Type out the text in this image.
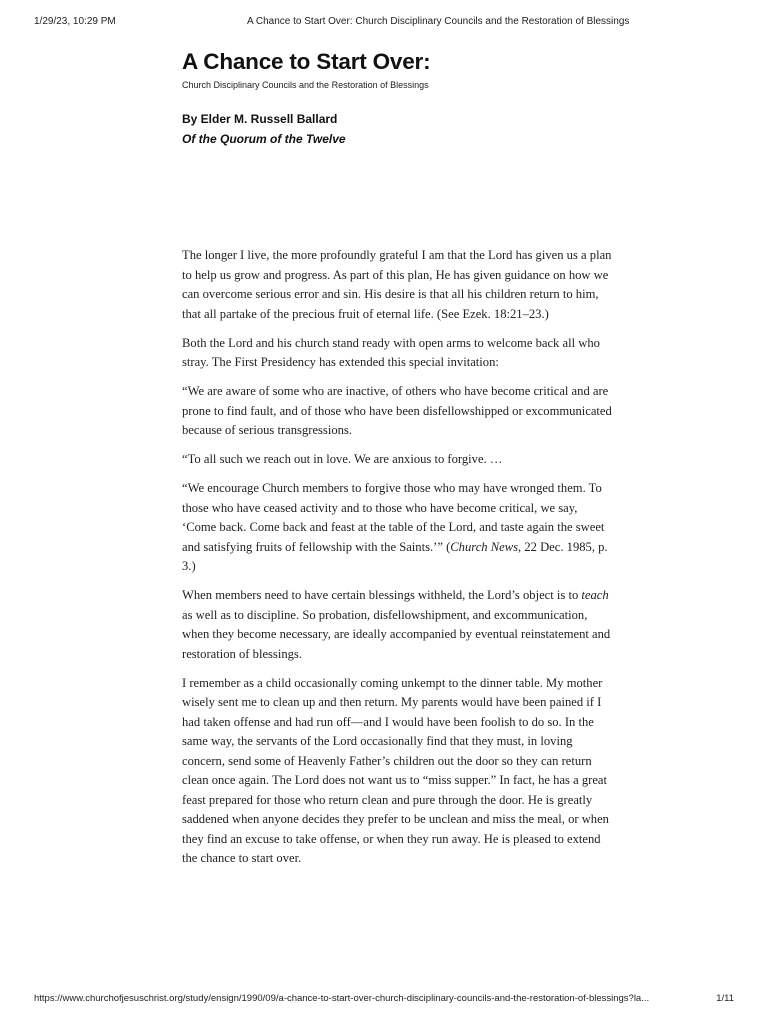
1/29/23, 10:29 PM	A Chance to Start Over: Church Disciplinary Councils and the Restoration of Blessings
A Chance to Start Over:

Church Disciplinary Councils and the Restoration of Blessings

By Elder M. Russell Ballard

Of the Quorum of the Twelve

The longer I live, the more profoundly grateful I am that the Lord has given us a plan to help us grow and progress. As part of this plan, He has given guidance on how we can overcome serious error and sin. His desire is that all his children return to him, that all partake of the precious fruit of eternal life. (See Ezek. 18:21–23.)

Both the Lord and his church stand ready with open arms to welcome back all who stray. The First Presidency has extended this special invitation:

“We are aware of some who are inactive, of others who have become critical and are prone to find fault, and of those who have been disfellowshipped or excommunicated because of serious transgressions.

“To all such we reach out in love. We are anxious to forgive. …

“We encourage Church members to forgive those who may have wronged them. To those who have ceased activity and to those who have become critical, we say, ‘Come back. Come back and feast at the table of the Lord, and taste again the sweet and satisfying fruits of fellowship with the Saints.’” (Church News, 22 Dec. 1985, p. 3.)

When members need to have certain blessings withheld, the Lord’s object is to teach as well as to discipline. So probation, disfellowshipment, and excommunication, when they become necessary, are ideally accompanied by eventual reinstatement and restoration of blessings.

I remember as a child occasionally coming unkempt to the dinner table. My mother wisely sent me to clean up and then return. My parents would have been pained if I had taken offense and had run off—and I would have been foolish to do so. In the same way, the servants of the Lord occasionally find that they must, in loving concern, send some of Heavenly Father’s children out the door so they can return clean once again. The Lord does not want us to “miss supper.” In fact, he has a great feast prepared for those who return clean and pure through the door. He is greatly saddened when anyone decides they prefer to be unclean and miss the meal, or when they find an excuse to take offense, or when they run away. He is pleased to extend the chance to start over.

https://www.churchofjesuschrist.org/study/ensign/1990/09/a-chance-to-start-over-church-disciplinary-councils-and-the-restoration-of-blessings?la...	1/11
